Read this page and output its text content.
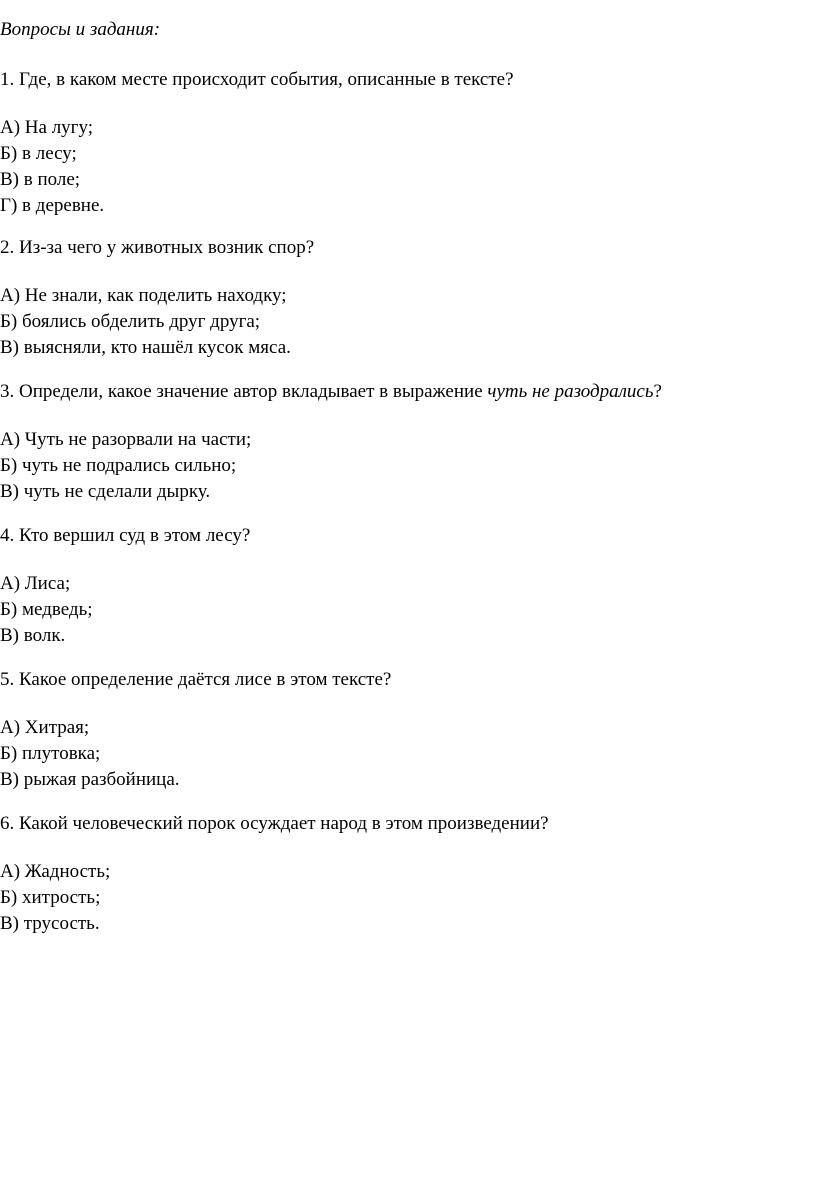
Вопросы и задания:
1. Где, в каком месте происходит события, описанные в тексте?
А) На лугу;
Б) в лесу;
В) в поле;
Г) в деревне.
2. Из-за чего у животных возник спор?
А) Не знали, как поделить находку;
Б) боялись обделить друг друга;
В) выясняли, кто нашёл кусок мяса.
3. Определи, какое значение автор вкладывает в выражение чуть не разодрались?
А) Чуть не разорвали на части;
Б) чуть не подрались сильно;
В) чуть не сделали дырку.
4. Кто вершил суд в этом лесу?
А) Лиса;
Б) медведь;
В) волк.
5. Какое определение даётся лисе в этом тексте?
А) Хитрая;
Б) плутовка;
В) рыжая разбойница.
6. Какой человеческий порок осуждает народ в этом произведении?
А) Жадность;
Б) хитрость;
В) трусость.
